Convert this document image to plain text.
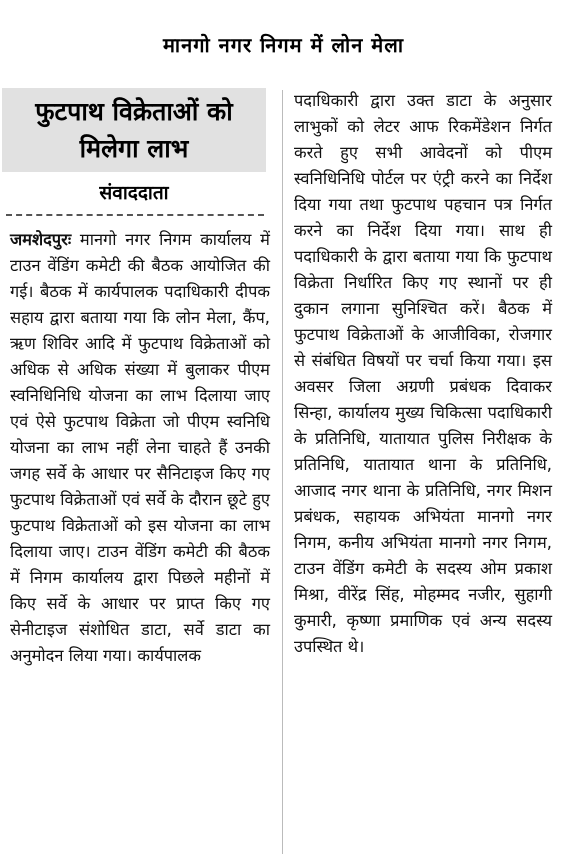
मानगो नगर निगम में लोन मेला
फुटपाथ विक्रेताओं को
मिलेगा लाभ
संवाददाता

जमशेदपुरः मानगो नगर निगम कार्यालय में टाउन वेंडिंग कमेटी की बैठक आयोजित की गई। बैठक में कार्यपालक पदाधिकारी दीपक सहाय द्वारा बताया गया कि लोन मेला, कैंप, ऋण शिविर आदि में फुटपाथ विक्रेताओं को अधिक से अधिक संख्या में बुलाकर पीएम स्वनिधिनिधि योजना का लाभ दिलाया जाए एवं ऐसे फुटपाथ विक्रेता जो पीएम स्वनिधि योजना का लाभ नहीं लेना चाहते हैं उनकी जगह सर्वे के आधार पर सैनिटाइज किए गए फुटपाथ विक्रेताओं एवं सर्वे के दौरान छूटे हुए फुटपाथ विक्रेताओं को इस योजना का लाभ दिलाया जाए। टाउन वेंडिंग कमेटी की बैठक में निगम कार्यालय द्वारा पिछले महीनों में किए सर्वे के आधार पर प्राप्त किए गए सेनीटाइज संशोधित डाटा, सर्वे डाटा का अनुमोदन लिया गया। कार्यपालक

पदाधिकारी द्वारा उक्त डाटा के अनुसार लाभुकों को लेटर आफ रिकमेंडेशन निर्गत करते हुए सभी आवेदनों को पीएम स्वनिधिनिधि पोर्टल पर एंट्री करने का निर्देश दिया गया तथा फुटपाथ पहचान पत्र निर्गत करने का निर्देश दिया गया। साथ ही पदाधिकारी के द्वारा बताया गया कि फुटपाथ विक्रेता निर्धारित किए गए स्थानों पर ही दुकान लगाना सुनिश्चित करें। बैठक में फुटपाथ विक्रेताओं के आजीविका, रोजगार से संबंधित विषयों पर चर्चा किया गया। इस अवसर जिला अग्रणी प्रबंधक दिवाकर सिन्हा, कार्यालय मुख्य चिकित्सा पदाधिकारी के प्रतिनिधि, यातायात पुलिस निरीक्षक के प्रतिनिधि, यातायात थाना के प्रतिनिधि, आजाद नगर थाना के प्रतिनिधि, नगर मिशन प्रबंधक, सहायक अभियंता मानगो नगर निगम, कनीय अभियंता मानगो नगर निगम, टाउन वेंडिंग कमेटी के सदस्य ओम प्रकाश मिश्रा, वीरेंद्र सिंह, मोहम्मद नजीर, सुहागी कुमारी, कृष्णा प्रमाणिक एवं अन्य सदस्य उपस्थित थे।
